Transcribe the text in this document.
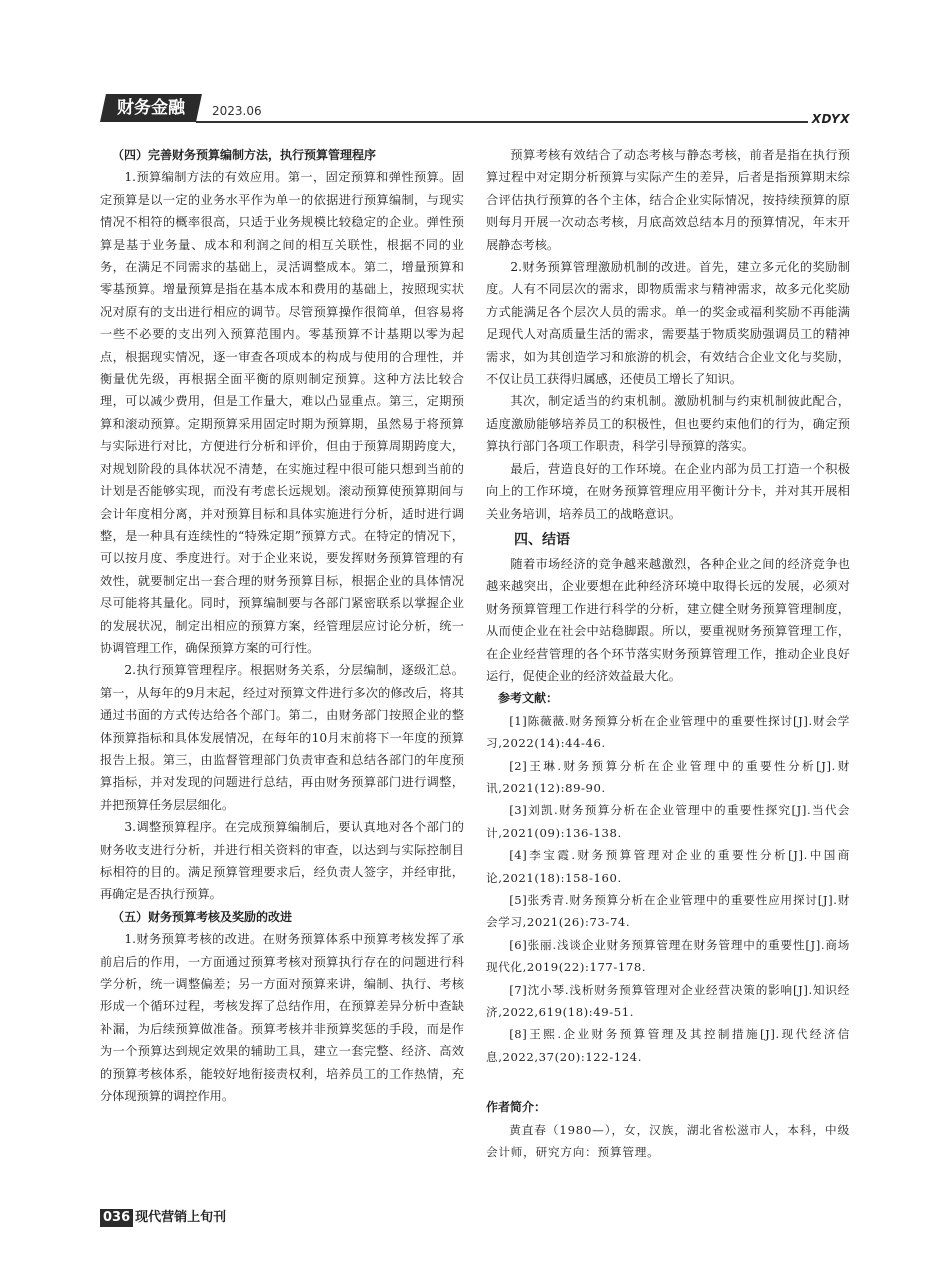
财务金融	2023.06
XDYX
（四）完善财务预算编制方法，执行预算管理程序

1.预算编制方法的有效应用。第一，固定预算和弹性预算。固定预算是以一定的业务水平作为单一的依据进行预算编制，与现实情况不相符的概率很高，只适于业务规模比较稳定的企业。弹性预算是基于业务量、成本和利润之间的相互关联性，根据不同的业务，在满足不同需求的基础上，灵活调整成本。第二，增量预算和零基预算。增量预算是指在基本成本和费用的基础上，按照现实状况对原有的支出进行相应的调节。尽管预算操作很简单，但容易将一些不必要的支出列入预算范围内。零基预算不计基期以零为起点，根据现实情况，逐一审查各项成本的构成与使用的合理性，并衡量优先级，再根据全面平衡的原则制定预算。这种方法比较合理，可以减少费用，但是工作量大，难以凸显重点。第三，定期预算和滚动预算。定期预算采用固定时期为预算期，虽然易于将预算与实际进行对比，方便进行分析和评价，但由于预算周期跨度大，对规划阶段的具体状况不清楚，在实施过程中很可能只想到当前的计划是否能够实现，而没有考虑长远规划。滚动预算使预算期间与会计年度相分离，并对预算目标和具体实施进行分析，适时进行调整，是一种具有连续性的“特殊定期”预算方式。在特定的情况下，可以按月度、季度进行。对于企业来说，要发挥财务预算管理的有效性，就要制定出一套合理的财务预算目标，根据企业的具体情况尽可能将其量化。同时，预算编制要与各部门紧密联系以掌握企业的发展状况，制定出相应的预算方案，经管理层应讨论分析，统一协调管理工作，确保预算方案的可行性。

2.执行预算管理程序。根据财务关系，分层编制，逐级汇总。第一，从每年的9月末起，经过对预算文件进行多次的修改后，将其通过书面的方式传达给各个部门。第二，由财务部门按照企业的整体预算指标和具体发展情况，在每年的10月末前将下一年度的预算报告上报。第三，由监督管理部门负责审查和总结各部门的年度预算指标，并对发现的问题进行总结，再由财务预算部门进行调整，并把预算任务层层细化。

3.调整预算程序。在完成预算编制后，要认真地对各个部门的财务收支进行分析，并进行相关资料的审查，以达到与实际控制目标相符的目的。满足预算管理要求后，经负责人签字，并经审批，再确定是否执行预算。

（五）财务预算考核及奖励的改进

1.财务预算考核的改进。在财务预算体系中预算考核发挥了承前启后的作用，一方面通过预算考核对预算执行存在的问题进行科学分析，统一调整偏差；另一方面对预算来讲，编制、执行、考核形成一个循环过程，考核发挥了总结作用，在预算差异分析中查缺补漏，为后续预算做准备。预算考核并非预算奖惩的手段，而是作为一个预算达到规定效果的辅助工具，建立一套完整、经济、高效的预算考核体系，能较好地衔接责权利，培养员工的工作热情，充分体现预算的调控作用。

预算考核有效结合了动态考核与静态考核，前者是指在执行预算过程中对定期分析预算与实际产生的差异，后者是指预算期末综合评估执行预算的各个主体，结合企业实际情况，按持续预算的原则每月开展一次动态考核，月底高效总结本月的预算情况，年末开展静态考核。

2.财务预算管理激励机制的改进。首先，建立多元化的奖励制度。人有不同层次的需求，即物质需求与精神需求，故多元化奖励方式能满足各个层次人员的需求。单一的奖金或福利奖励不再能满足现代人对高质量生活的需求，需要基于物质奖励强调员工的精神需求，如为其创造学习和旅游的机会，有效结合企业文化与奖励，不仅让员工获得归属感，还使员工增长了知识。

其次，制定适当的约束机制。激励机制与约束机制彼此配合，适度激励能够培养员工的积极性，但也要约束他们的行为，确定预算执行部门各项工作职责，科学引导预算的落实。

最后，营造良好的工作环境。在企业内部为员工打造一个积极向上的工作环境，在财务预算管理应用平衡计分卡，并对其开展相关业务培训，培养员工的战略意识。

四、结语

随着市场经济的竞争越来越激烈，各种企业之间的经济竞争也越来越突出，企业要想在此种经济环境中取得长远的发展，必须对财务预算管理工作进行科学的分析，建立健全财务预算管理制度，从而使企业在社会中站稳脚跟。所以，要重视财务预算管理工作，在企业经营管理的各个环节落实财务预算管理工作，推动企业良好运行，促使企业的经济效益最大化。

参考文献：

[1]陈薇薇.财务预算分析在企业管理中的重要性探讨[J].财会学习,2022(14):44-46.

[2]王琳.财务预算分析在企业管理中的重要性分析[J].财讯,2021(12):89-90.

[3]刘凯.财务预算分析在企业管理中的重要性探究[J].当代会计,2021(09):136-138.

[4]李宝霞.财务预算管理对企业的重要性分析[J].中国商论,2021(18):158-160.

[5]张秀青.财务预算分析在企业管理中的重要性应用探讨[J].财会学习,2021(26):73-74.

[6]张丽.浅谈企业财务预算管理在财务管理中的重要性[J].商场现代化,2019(22):177-178.

[7]沈小琴.浅析财务预算管理对企业经营决策的影响[J].知识经济,2022,619(18):49-51.

[8]王熙.企业财务预算管理及其控制措施[J].现代经济信息,2022,37(20):122-124.

作者简介：

黄直春（1980—），女，汉族，湖北省松滋市人，本科，中级会计师，研究方向：预算管理。

036 现代营销上旬刊
